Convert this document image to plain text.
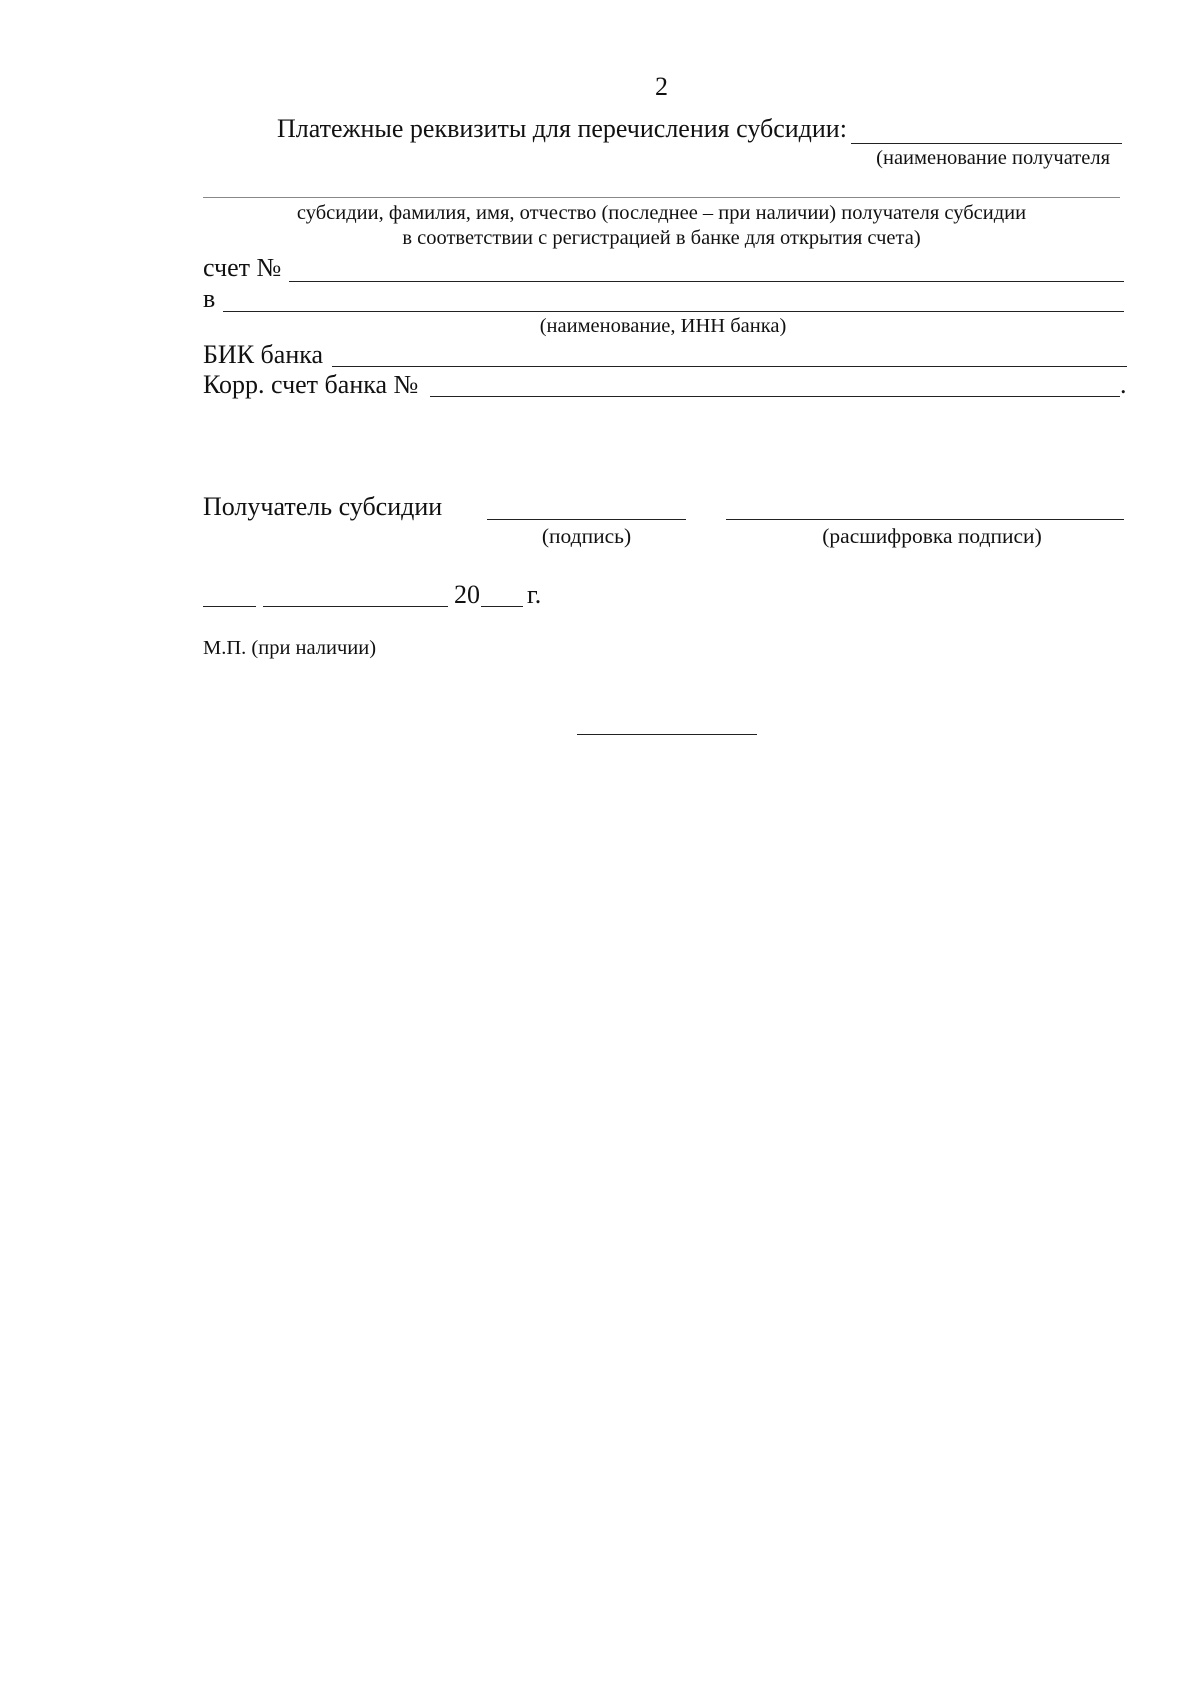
2
Платежные реквизиты для перечисления субсидии:
(наименование получателя
субсидии, фамилия, имя, отчество (последнее – при наличии) получателя субсидии
в соответствии с регистрацией в банке для открытия счета)
счет №
в
(наименование, ИНН банка)
БИК банка
Корр. счет банка №	.
Получатель субсидии
(подпись)	(расшифровка подписи)
20 г.
М.П. (при наличии)
